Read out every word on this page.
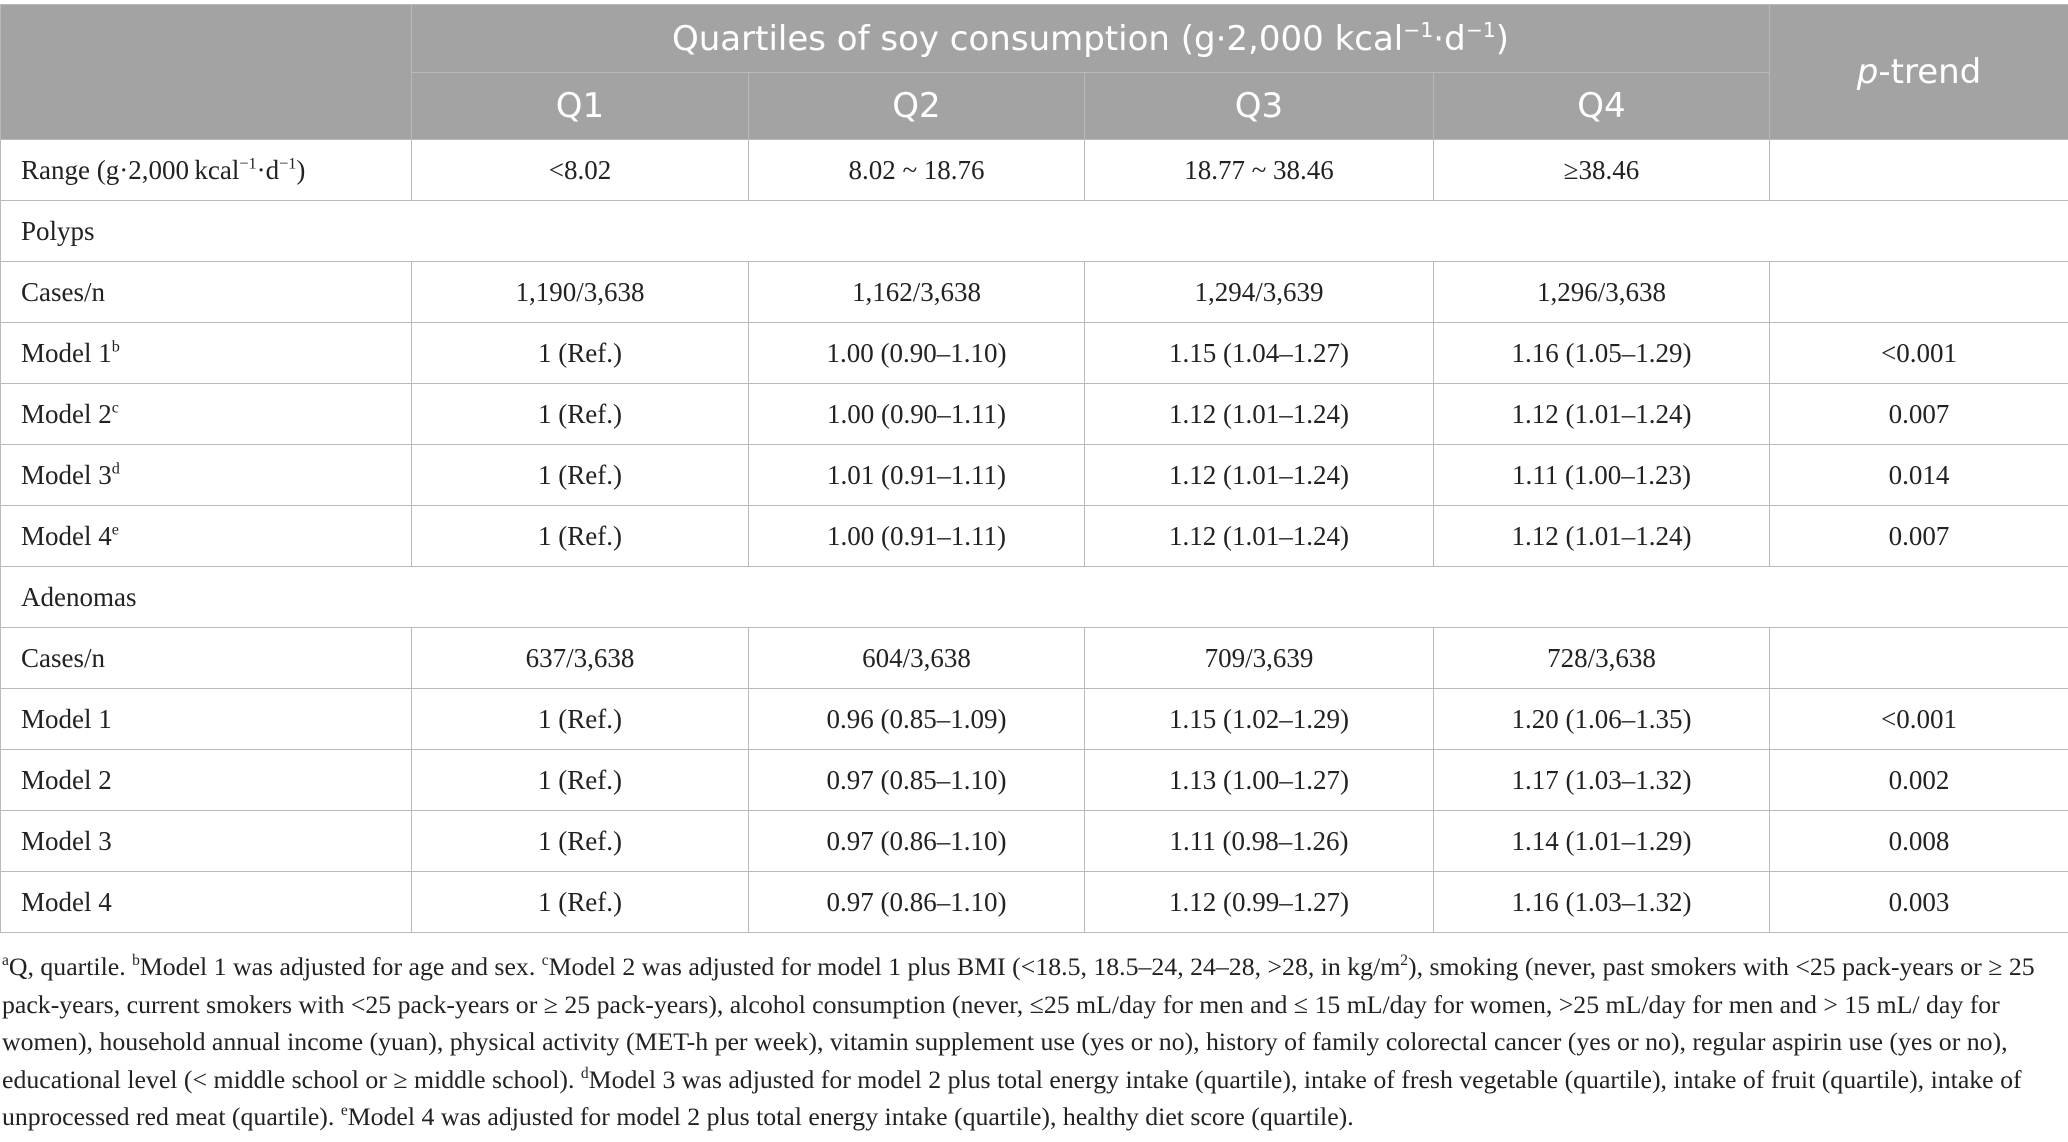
	Quartiles of soy consumption (g·2,000 $kcal^{-1}\cdot d^{-1}$)				p-trend
	Q1	Q2	Q3	Q4	
Range (g·2,000  $kcal^{-1}\cdot d^{-1}$)	<8.02	8.02 ~ 18.76	18.77 ~ 38.46	≥38.46	
Polyps					
Cases/n	1,190/3,638	1,162/3,638	1,294/3,639	1,296/3,638	
Model 1$^b$	1 (Ref.)	1.00 (0.90–1.10)	1.15 (1.04–1.27)	1.16 (1.05–1.29)	<0.001
Model 2$^c$	1 (Ref.)	1.00 (0.90–1.11)	1.12 (1.01–1.24)	1.12 (1.01–1.24)	0.007
Model 3$^d$	1 (Ref.)	1.01 (0.91–1.11)	1.12 (1.01–1.24)	1.11 (1.00–1.23)	0.014
Model 4e	1 (Ref.)	1.00 (0.91–1.11)	1.12 (1.01–1.24)	1.12 (1.01–1.24)	0.007
Adenomas					
Cases/n	637/3,638	604/3,638	709/3,639	728/3,638	
Model 1	1 (Ref.)	0.96 (0.85–1.09)	1.15 (1.02–1.29)	1.20 (1.06–1.35)	<0.001
Model 2	1 (Ref.)	0.97 (0.85–1.10)	1.13 (1.00–1.27)	1.17 (1.03–1.32)	0.002
Model 3	1 (Ref.)	0.97 (0.86–1.10)	1.11 (0.98–1.26)	1.14 (1.01–1.29)	0.008
Model 4	1 (Ref.)	0.97 (0.86–1.10)	1.12 (0.99–1.27)	1.16 (1.03–1.32)	0.003

$^a$Q, quartile. $^b$Model 1 was adjusted for age and sex. $^c$Model 2 was adjusted for model 1 plus BMI (<18.5, 18.5–24, 24–28, >28, in $kg/m^2$), smoking (never, past smokers with <25 pack-years or ≥ 25 pack-years, current smokers with <25 pack-years or ≥ 25 pack-years), alcohol consumption (never, ≤25 mL/day for men and ≤ 15 mL/day for women, >25 mL/day for men and > 15 mL/ day for women), household annual income (yuan), physical activity (MET-h per week), vitamin supplement use (yes or no), history of family colorectal cancer (yes or no), regular aspirin use (yes or no), educational level (< middle school or ≥ middle school). $^d$Model 3 was adjusted for model 2 plus total energy intake (quartile), intake of fresh vegetable (quartile), intake of fruit (quartile), intake of unprocessed red meat (quartile). $^e$Model 4 was adjusted for model 2 plus total energy intake (quartile), healthy diet score (quartile).
